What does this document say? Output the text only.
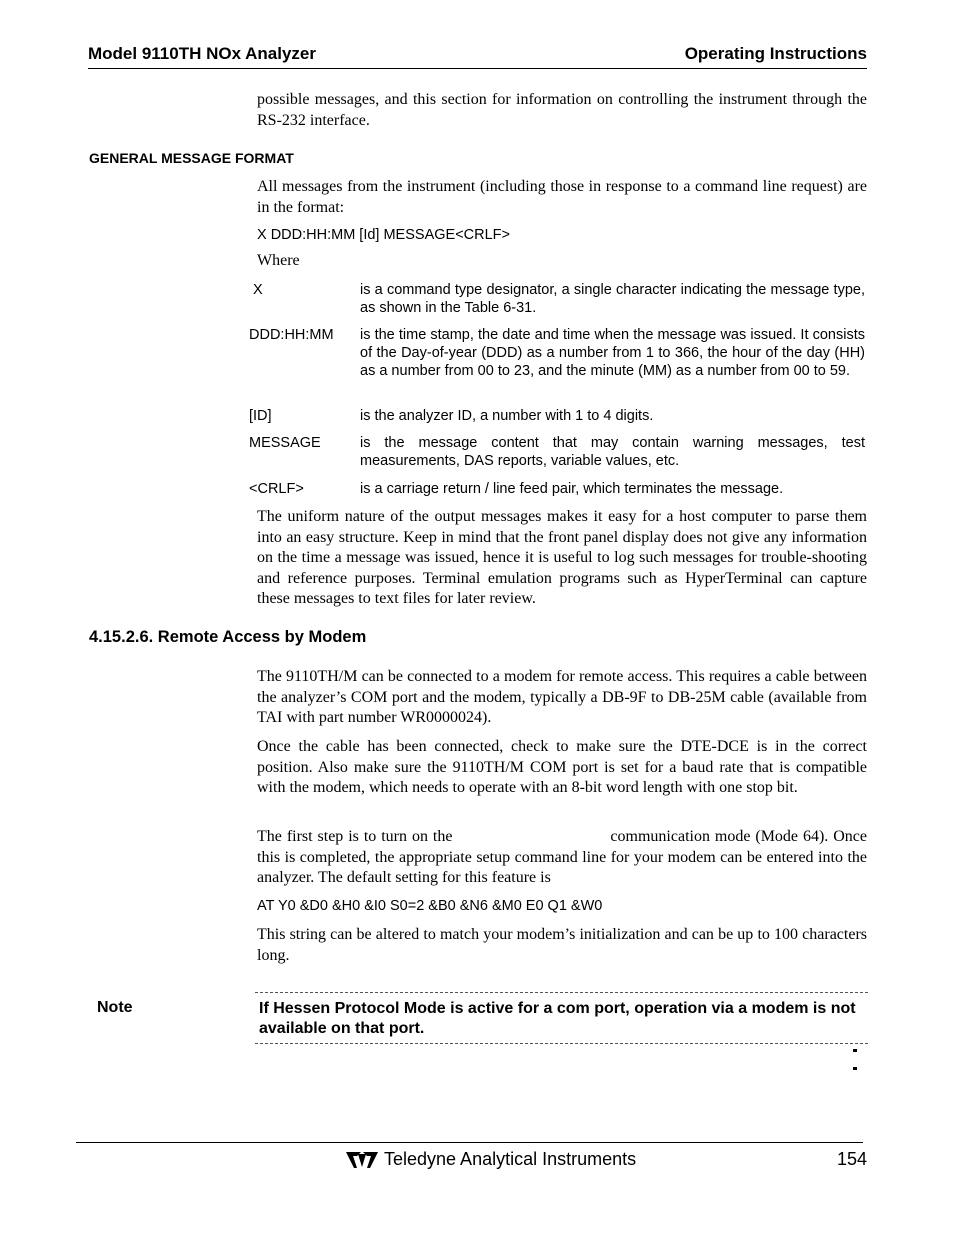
Model 9110TH NOx Analyzer	Operating Instructions
possible messages, and this section for information on controlling the instrument through the RS-232 interface.
GENERAL MESSAGE FORMAT
All messages from the instrument (including those in response to a command line request) are in the format:
X DDD:HH:MM [Id] MESSAGE<CRLF>
Where
X	is a command type designator, a single character indicating the message type, as shown in the Table 6-31.
DDD:HH:MM is the time stamp, the date and time when the message was issued. It consists of the Day-of-year (DDD) as a number from 1 to 366, the hour of the day (HH) as a number from 00 to 23, and the minute (MM) as a number from 00 to 59.
[ID]	is the analyzer ID, a number with 1 to 4 digits.
MESSAGE	is the message content that may contain warning messages, test measurements, DAS reports, variable values, etc.
<CRLF>	is a carriage return / line feed pair, which terminates the message.
The uniform nature of the output messages makes it easy for a host computer to parse them into an easy structure. Keep in mind that the front panel display does not give any information on the time a message was issued, hence it is useful to log such messages for trouble-shooting and reference purposes. Terminal emulation programs such as HyperTerminal can capture these messages to text files for later review.
4.15.2.6. Remote Access by Modem
The 9110TH/M can be connected to a modem for remote access. This requires a cable between the analyzer’s COM port and the modem, typically a DB-9F to DB-25M cable (available from TAI with part number WR0000024).
Once the cable has been connected, check to make sure the DTE-DCE is in the correct position. Also make sure the 9110TH/M COM port is set for a baud rate that is compatible with the modem, which needs to operate with an 8-bit word length with one stop bit.
The first step is to turn on the	communication mode (Mode 64). Once this is completed, the appropriate setup command line for your modem can be entered into the analyzer. The default setting for this feature is
AT Y0 &D0 &H0 &I0 S0=2 &B0 &N6 &M0 E0 Q1 &W0
This string can be altered to match your modem’s initialization and can be up to 100 characters long.
Note	If Hessen Protocol Mode is active for a com port, operation via a modem is not available on that port.
Teledyne Analytical Instruments	154
